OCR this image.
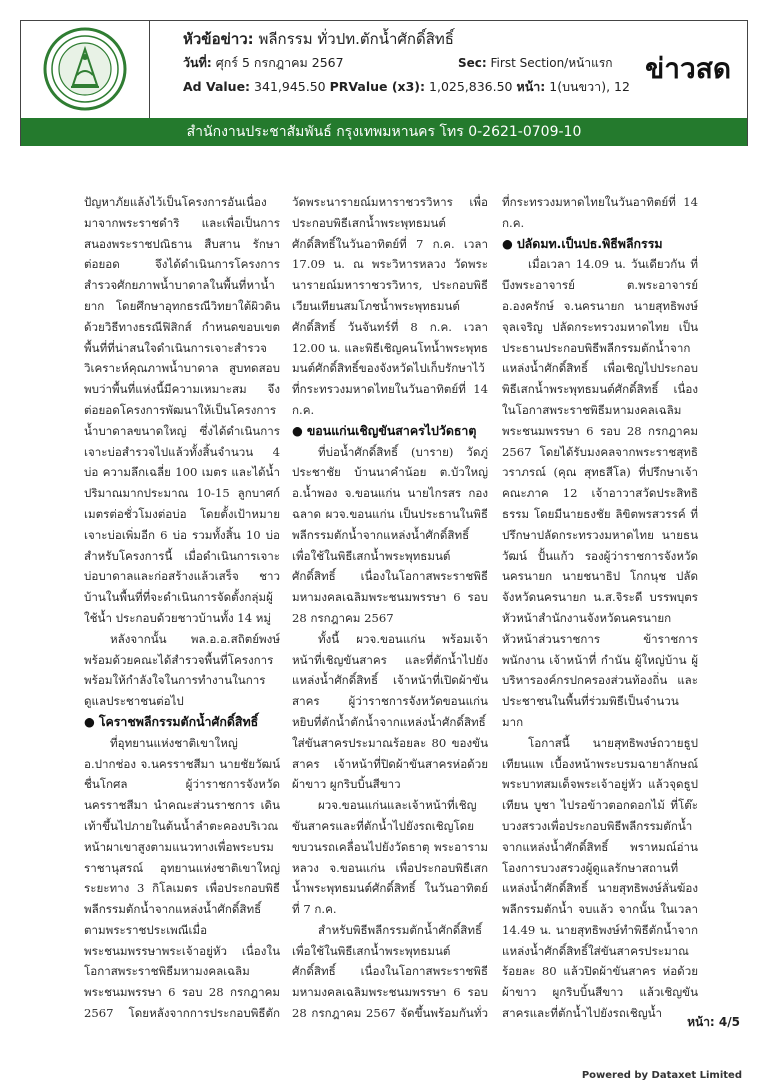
หัวข้อข่าว: พลีกรรม ทั่วปท.ตักน้ำศักดิ์สิทธิ์
วันที่: ศุกร์ 5 กรกฎาคม 2567	Sec: First Section/หน้าแรก
Ad Value: 341,945.50 PRValue (x3): 1,025,836.50 หน้า: 1(บนขวา), 12
ข่าวสด
สำนักงานประชาสัมพันธ์ กรุงเทพมหานคร โทร 0-2621-0709-10

ปัญหาภัยแล้งไว้เป็นโครงการอันเนื่องมาจากพระราชดำริ และเพื่อเป็นการสนองพระราชปณิธาน สืบสาน รักษา ต่อยอด จึงได้ดำเนินการโครงการ สำรวจศักยภาพน้ำบาดาลในพื้นที่หาน้ำยาก โดยศึกษาอุทกธรณีวิทยาใต้ผิวดินด้วยวิธีทางธรณีฟิสิกส์ กำหนดขอบเขตพื้นที่ที่น่าสนใจดำเนินการเจาะสำรวจ วิเคราะห์คุณภาพน้ำบาดาล สูบทดสอบ พบว่าพื้นที่แห่งนี้มีความเหมาะสม จึงต่อยอดโครงการพัฒนาให้เป็นโครงการน้ำบาดาลขนาดใหญ่ ซึ่งได้ดำเนินการเจาะบ่อสำรวจไปแล้วทั้งสิ้นจำนวน 4 บ่อ ความลึกเฉลี่ย 100 เมตร และได้น้ำปริมาณมากประมาณ 10-15 ลูกบาศก์เมตรต่อชั่วโมงต่อบ่อ โดยตั้งเป้าหมายเจาะบ่อเพิ่มอีก 6 บ่อ รวมทั้งสิ้น 10 บ่อ สำหรับโครงการนี้ เมื่อดำเนินการเจาะบ่อบาดาลและก่อสร้างแล้วเสร็จ ชาวบ้านในพื้นที่ที่จะดำเนินการจัดตั้งกลุ่มผู้ใช้น้ำ ประกอบด้วยชาวบ้านทั้ง 14 หมู่

หลังจากนั้น พล.อ.อ.สถิตย์พงษ์ พร้อมด้วยคณะได้สำรวจพื้นที่โครงการพร้อมให้กำลังใจในการทำงานในการดูแลประชาชนต่อไป

● โคราชพลีกรรมตักน้ำศักดิ์สิทธิ์

ที่อุทยานแห่งชาติเขาใหญ่ อ.ปากช่อง จ.นครราชสีมา นายชัยวัฒน์ ชื่นโกศล ผู้ว่าราชการจังหวัดนครราชสีมา นำคณะส่วนราชการ เดินเท้าขึ้นไปภายในต้นน้ำลำตะคองบริเวณหน้าผาเขาสูงตามแนวทางเพื่อพระบรมราชานุสรณ์ อุทยานแห่งชาติเขาใหญ่ ระยะทาง 3 กิโลเมตร เพื่อประกอบพิธีพลีกรรมตักน้ำจากแหล่งน้ำศักดิ์สิทธิ์ ตามพระราชประเพณีเมื่อพระชนมพรรษาพระเจ้าอยู่หัว เนื่องในโอกาสพระราชพิธีมหามงคลเฉลิมพระชนมพรรษา 6 รอบ 28 กรกฎาคม 2567 โดยหลังจากการประกอบพิธีตัก

วัดพระนารายณ์มหาราชวรวิหาร เพื่อประกอบพิธีเสกน้ำพระพุทธมนต์ศักดิ์สิทธิ์ในวันอาทิตย์ที่ 7 ก.ค. เวลา 17.09 น. ณ พระวิหารหลวง วัดพระนารายณ์มหาราชวรวิหาร, ประกอบพิธีเวียนเทียนสมโภชน้ำพระพุทธมนต์ศักดิ์สิทธิ์ วันจันทร์ที่ 8 ก.ค. เวลา 12.00 น. และพิธีเชิญคนโทน้ำพระพุทธมนต์ศักดิ์สิทธิ์ของจังหวัดไปเก็บรักษาไว้ที่กระทรวงมหาดไทยในวันอาทิตย์ที่ 14 ก.ค.

● ขอนแก่นเชิญขันสาครไปวัดธาตุ

ที่บ่อน้ำศักดิ์สิทธิ์ (บาราย) วัดภู่ประชาชัย บ้านนาคำน้อย ต.บัวใหญ่ อ.น้ำพอง จ.ขอนแก่น นายไกรสร กองฉลาด ผวจ.ขอนแก่น เป็นประธานในพิธีพลีกรรมตักน้ำจากแหล่งน้ำศักดิ์สิทธิ์ เพื่อใช้ในพิธีเสกน้ำพระพุทธมนต์ศักดิ์สิทธิ์ เนื่องในโอกาสพระราชพิธีมหามงคลเฉลิมพระชนมพรรษา 6 รอบ 28 กรกฎาคม 2567

ทั้งนี้ ผวจ.ขอนแก่น พร้อมเจ้าหน้าที่เชิญขันสาคร และที่ตักน้ำไปยังแหล่งน้ำศักดิ์สิทธิ์ เจ้าหน้าที่เปิดผ้าขันสาคร ผู้ว่าราชการจังหวัดขอนแก่น หยิบที่ตักน้ำตักน้ำจากแหล่งน้ำศักดิ์สิทธิ์ใส่ขันสาครประมาณร้อยละ 80 ของขันสาคร เจ้าหน้าที่ปิดผ้าขันสาครห่อด้วยผ้าขาว ผูกริบบิ้นสีขาว

ผวจ.ขอนแก่นและเจ้าหน้าที่เชิญขันสาครและที่ตักน้ำไปยังรถเชิญโดยขบวนรถเคลื่อนไปยังวัดธาตุ พระอารามหลวง จ.ขอนแก่น เพื่อประกอบพิธีเสกน้ำพระพุทธมนต์ศักดิ์สิทธิ์ ในวันอาทิตย์ที่ 7 ก.ค.

สำหรับพิธีพลีกรรมตักน้ำศักดิ์สิทธิ์ เพื่อใช้ในพิธีเสกน้ำพระพุทธมนต์ศักดิ์สิทธิ์ เนื่องในโอกาสพระราชพิธีมหามงคลเฉลิมพระชนมพรรษา 6 รอบ 28 กรกฎาคม 2567 จัดขึ้นพร้อมกันทั่ว

ที่กระทรวงมหาดไทยในวันอาทิตย์ที่ 14 ก.ค.

● ปลัดมท.เป็นปธ.พิธีพลีกรรม

เมื่อเวลา 14.09 น. วันเดียวกัน ที่บึงพระอาจารย์ ต.พระอาจารย์ อ.องครักษ์ จ.นครนายก นายสุทธิพงษ์ จุลเจริญ ปลัดกระทรวงมหาดไทย เป็นประธานประกอบพิธีพลีกรรมตักน้ำจากแหล่งน้ำศักดิ์สิทธิ์ เพื่อเชิญไปประกอบพิธีเสกน้ำพระพุทธมนต์ศักดิ์สิทธิ์ เนื่องในโอกาสพระราชพิธีมหามงคลเฉลิมพระชนมพรรษา 6 รอบ 28 กรกฎาคม 2567 โดยได้รับมงคลจากพระราชสุทธิวราภรณ์ (คุณ สุทธสีโล) ที่ปรึกษาเจ้าคณะภาค 12 เจ้าอาวาสวัดประสิทธิธรรม โดยมีนายธงชัย ลิขิตพรสวรรค์ ที่ปรึกษาปลัดกระทรวงมหาดไทย นายธนวัฒน์ ปั้นแก้ว รองผู้ว่าราชการจังหวัดนครนายก นายชนาธิป โกกนุช ปลัดจังหวัดนครนายก น.ส.จิระดี บรรพบุตร หัวหน้าสำนักงานจังหวัดนครนายก หัวหน้าส่วนราชการ ข้าราชการ พนักงาน เจ้าหน้าที่ กำนัน ผู้ใหญ่บ้าน ผู้บริหารองค์กรปกครองส่วนท้องถิ่น และประชาชนในพื้นที่ร่วมพิธีเป็นจำนวนมาก

โอกาสนี้ นายสุทธิพงษ์ถวายธูปเทียนแพ เบื้องหน้าพระบรมฉายาลักษณ์พระบาทสมเด็จพระเจ้าอยู่หัว แล้วจุดธูปเทียน บูชา ไปรอข้าวตอกดอกไม้ ที่โต๊ะบวงสรวงเพื่อประกอบพิธีพลีกรรมตักน้ำจากแหล่งน้ำศักดิ์สิทธิ์ พราหมณ์อ่านโองการบวงสรวงผู้ดูแลรักษาสถานที่แหล่งน้ำศักดิ์สิทธิ์ นายสุทธิพงษ์ลั่นฆ้องพลีกรรมตักน้ำ จบแล้ว จากนั้น ในเวลา 14.49 น. นายสุทธิพงษ์ทำพิธีตักน้ำจากแหล่งน้ำศักดิ์สิทธิ์ใส่ขันสาครประมาณร้อยละ 80 แล้วปิดผ้าขันสาคร ห่อด้วยผ้าขาว ผูกริบบิ้นสีขาว แล้วเชิญขันสาครและที่ตักน้ำไปยังรถเชิญน้ำ

หน้า: 4/5
Powered by Dataxet Limited
